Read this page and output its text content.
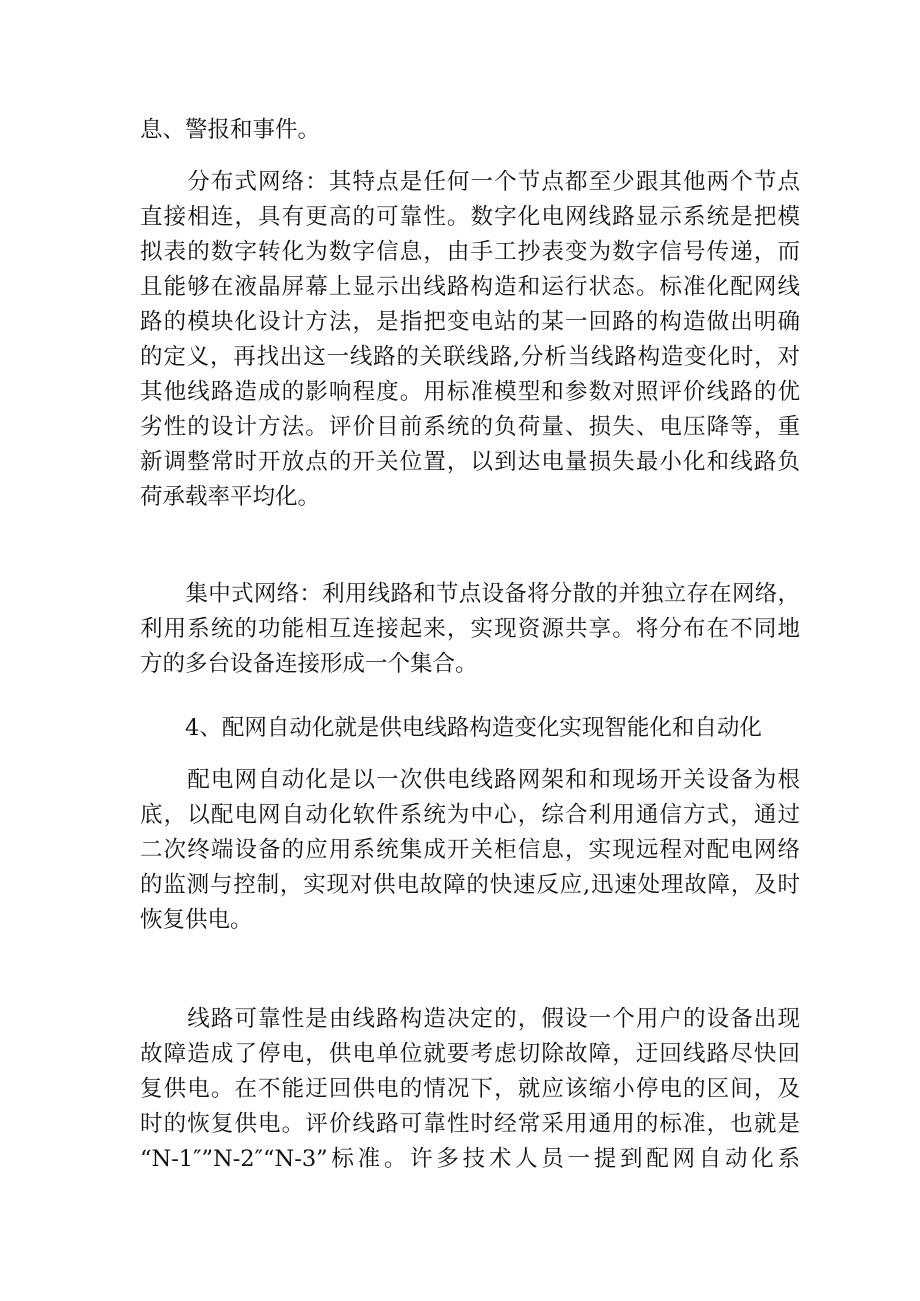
息、警报和事件。
　　分布式网络：其特点是任何一个节点都至少跟其他两个节点
直接相连，具有更高的可靠性。数字化电网线路显示系统是把模
拟表的数字转化为数字信息，由手工抄表变为数字信号传递，而
且能够在液晶屏幕上显示出线路构造和运行状态。标准化配网线
路的模块化设计方法，是指把变电站的某一回路的构造做出明确
的定义，再找出这一线路的关联线路,分析当线路构造变化时，对
其他线路造成的影响程度。用标准模型和参数对照评价线路的优
劣性的设计方法。评价目前系统的负荷量、损失、电压降等，重
新调整常时开放点的开关位置，以到达电量损失最小化和线路负
荷承载率平均化。
　　集中式网络：利用线路和节点设备将分散的并独立存在网络，
利用系统的功能相互连接起来，实现资源共享。将分布在不同地
方的多台设备连接形成一个集合。
　　4、配网自动化就是供电线路构造变化实现智能化和自动化
　　配电网自动化是以一次供电线路网架和和现场开关设备为根
底，以配电网自动化软件系统为中心，综合利用通信方式，通过
二次终端设备的应用系统集成开关柜信息，实现远程对配电网络
的监测与控制，实现对供电故障的快速反应,迅速处理故障，及时
恢复供电。
　　线路可靠性是由线路构造决定的，假设一个用户的设备出现
故障造成了停电，供电单位就要考虑切除故障，迂回线路尽快回
复供电。在不能迂回供电的情况下，就应该缩小停电的区间，及
时的恢复供电。评价线路可靠性时经常采用通用的标准，也就是
“N-1″”N-2″“N-3”标准。许多技术人员一提到配网自动化系
